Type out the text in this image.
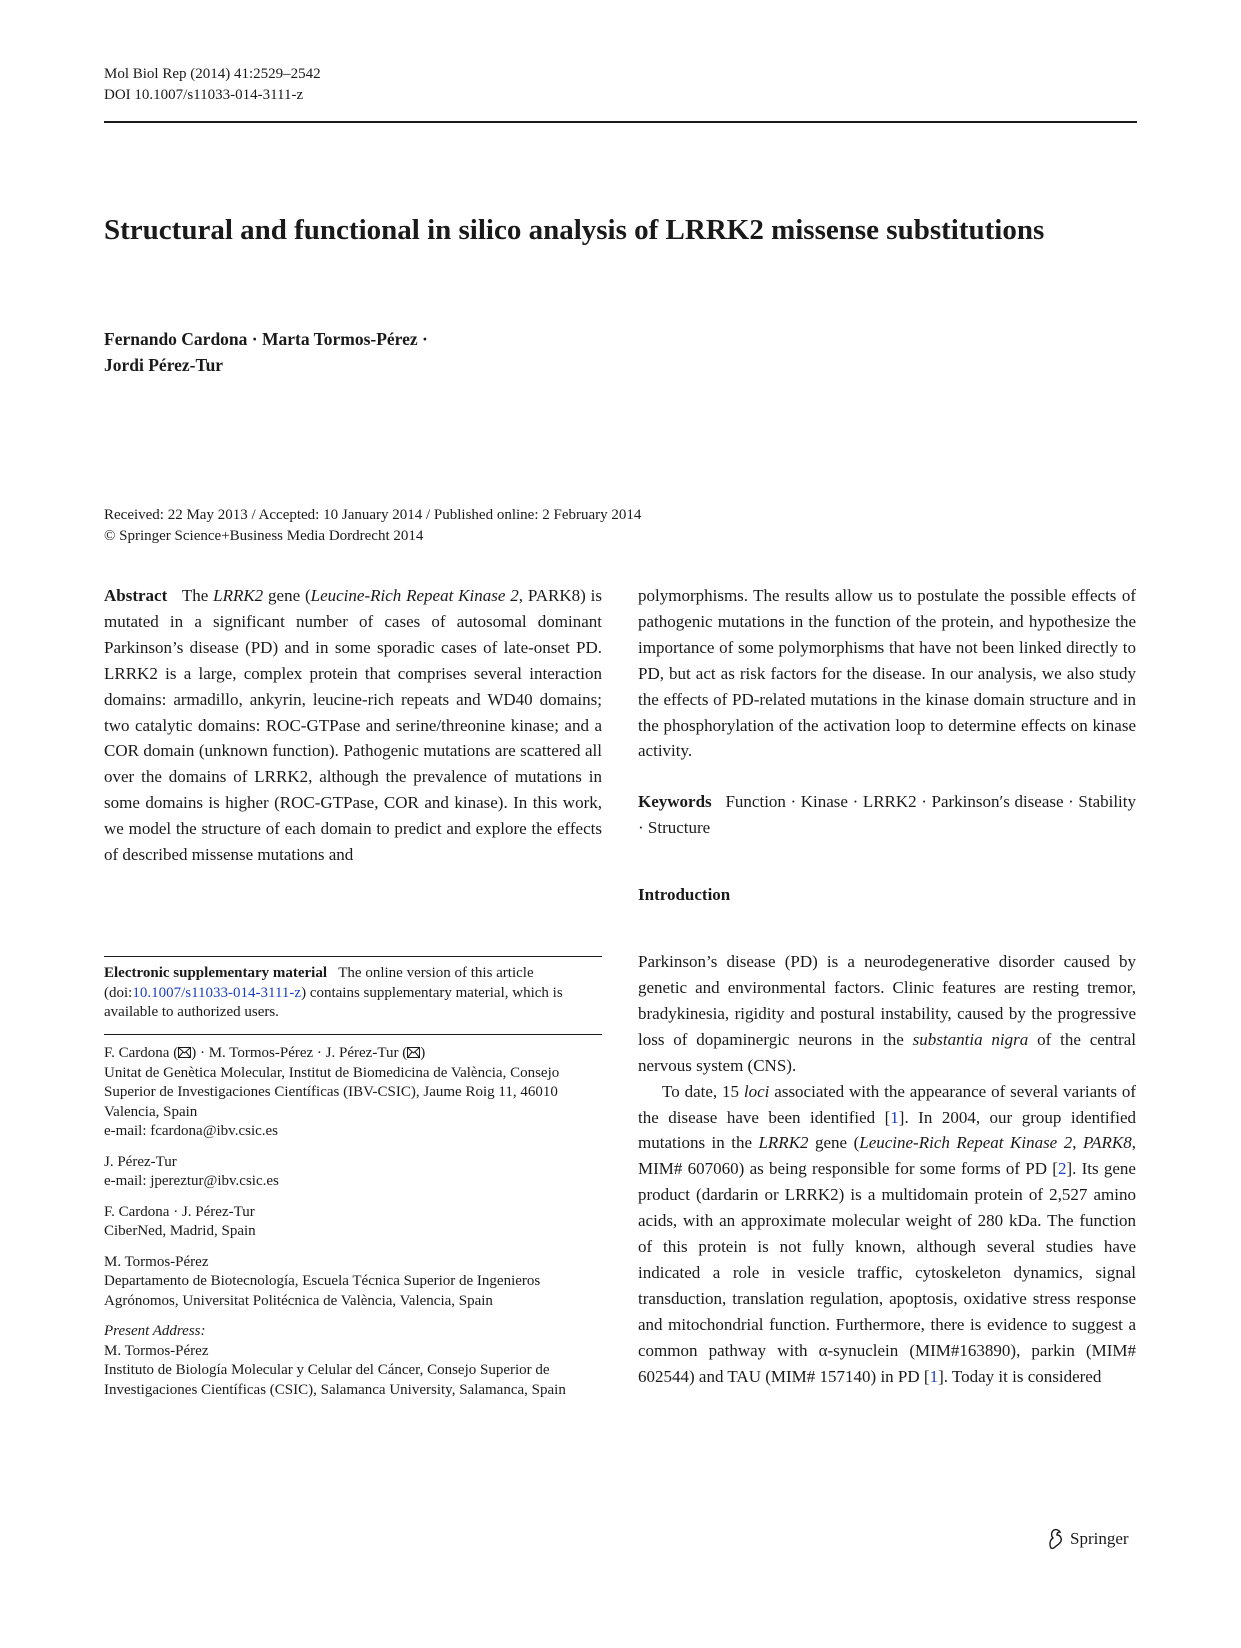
Mol Biol Rep (2014) 41:2529–2542
DOI 10.1007/s11033-014-3111-z
Structural and functional in silico analysis of LRRK2 missense substitutions
Fernando Cardona · Marta Tormos-Pérez ·
Jordi Pérez-Tur
Received: 22 May 2013 / Accepted: 10 January 2014 / Published online: 2 February 2014
© Springer Science+Business Media Dordrecht 2014

Abstract The LRRK2 gene (Leucine-Rich Repeat Kinase 2, PARK8) is mutated in a significant number of cases of autosomal dominant Parkinson’s disease (PD) and in some sporadic cases of late-onset PD. LRRK2 is a large, complex protein that comprises several interaction domains: armadillo, ankyrin, leucine-rich repeats and WD40 domains; two catalytic domains: ROC-GTPase and serine/threonine kinase; and a COR domain (unknown function). Pathogenic mutations are scattered all over the domains of LRRK2, although the prevalence of mutations in some domains is higher (ROC-GTPase, COR and kinase). In this work, we model the structure of each domain to predict and explore the effects of described missense mutations and

Electronic supplementary material The online version of this article (doi:10.1007/s11033-014-3111-z) contains supplementary material, which is available to authorized users.

F. Cardona ( ) · M. Tormos-Pérez · J. Pérez-Tur ( )
Unitat de Genètica Molecular, Institut de Biomedicina de València, Consejo Superior de Investigaciones Científicas (IBV-CSIC), Jaume Roig 11, 46010 Valencia, Spain
e-mail: fcardona@ibv.csic.es

J. Pérez-Tur
e-mail: jpereztur@ibv.csic.es

F. Cardona · J. Pérez-Tur
CiberNed, Madrid, Spain

M. Tormos-Pérez
Departamento de Biotecnología, Escuela Técnica Superior de Ingenieros Agrónomos, Universitat Politécnica de València, Valencia, Spain

Present Address:
M. Tormos-Pérez
Instituto de Biología Molecular y Celular del Cáncer, Consejo Superior de Investigaciones Científicas (CSIC), Salamanca University, Salamanca, Spain

polymorphisms. The results allow us to postulate the possible effects of pathogenic mutations in the function of the protein, and hypothesize the importance of some polymorphisms that have not been linked directly to PD, but act as risk factors for the disease. In our analysis, we also study the effects of PD-related mutations in the kinase domain structure and in the phosphorylation of the activation loop to determine effects on kinase activity.

Keywords Function · Kinase · LRRK2 · Parkinson′s disease · Stability · Structure

Introduction

Parkinson’s disease (PD) is a neurodegenerative disorder caused by genetic and environmental factors. Clinic features are resting tremor, bradykinesia, rigidity and postural instability, caused by the progressive loss of dopaminergic neurons in the substantia nigra of the central nervous system (CNS).

To date, 15 loci associated with the appearance of several variants of the disease have been identified [1]. In 2004, our group identified mutations in the LRRK2 gene (Leucine-Rich Repeat Kinase 2, PARK8, MIM# 607060) as being responsible for some forms of PD [2]. Its gene product (dardarin or LRRK2) is a multidomain protein of 2,527 amino acids, with an approximate molecular weight of 280 kDa. The function of this protein is not fully known, although several studies have indicated a role in vesicle traffic, cytoskeleton dynamics, signal transduction, translation regulation, apoptosis, oxidative stress response and mitochondrial function. Furthermore, there is evidence to suggest a common pathway with α-synuclein (MIM#163890), parkin (MIM# 602544) and TAU (MIM# 157140) in PD [1]. Today it is considered

Springer
